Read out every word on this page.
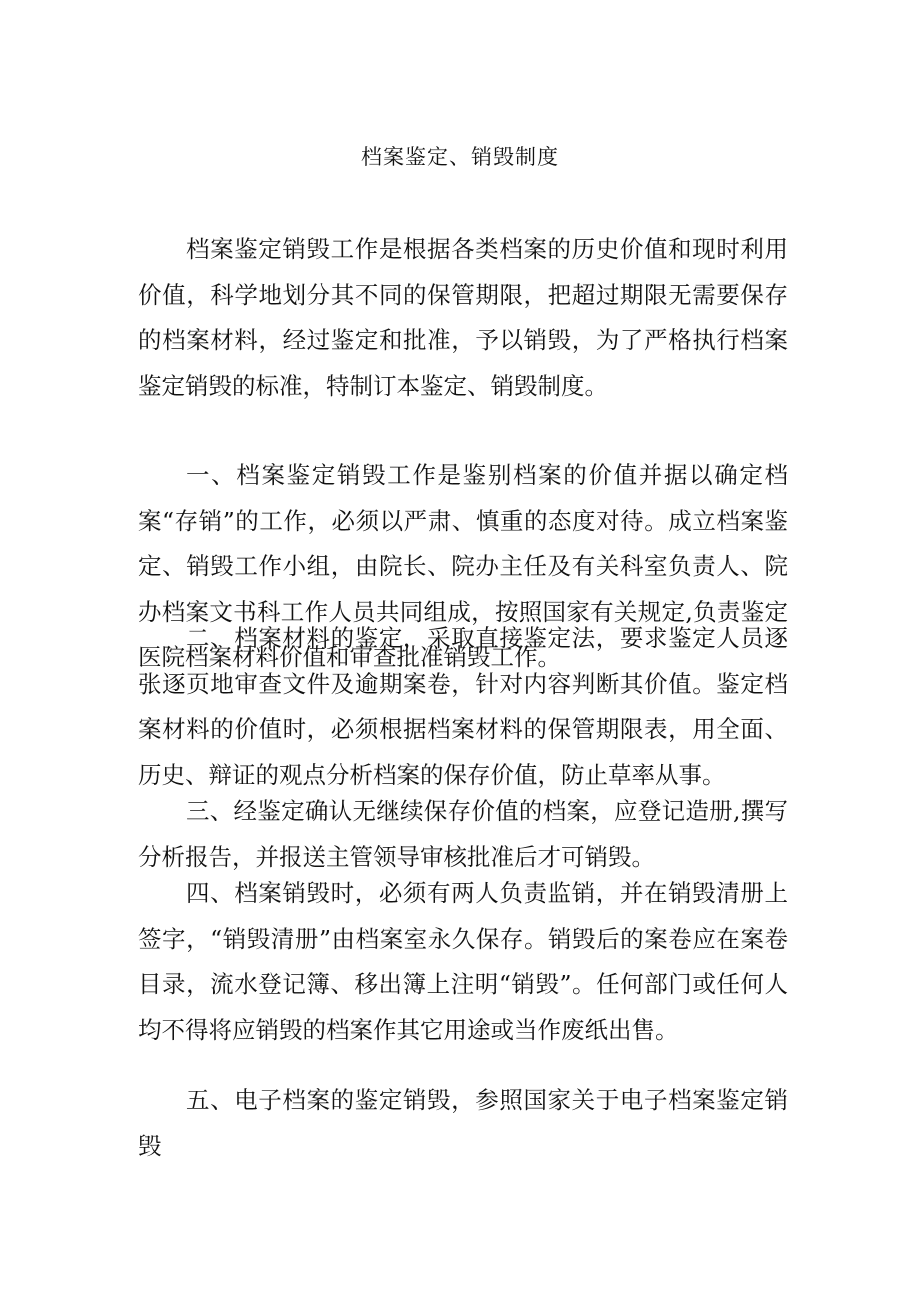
档案鉴定、销毁制度

档案鉴定销毁工作是根据各类档案的历史价值和现时利用价值，科学地划分其不同的保管期限，把超过期限无需要保存的档案材料，经过鉴定和批准，予以销毁，为了严格执行档案鉴定销毁的标准，特制订本鉴定、销毁制度。

一、档案鉴定销毁工作是鉴别档案的价值并据以确定档案“存销”的工作，必须以严肃、慎重的态度对待。成立档案鉴定、销毁工作小组，由院长、院办主任及有关科室负责人、院办档案文书科工作人员共同组成，按照国家有关规定,负责鉴定医院档案材料价值和审查批准销毁工作。

二、档案材料的鉴定，采取直接鉴定法，要求鉴定人员逐张逐页地审查文件及逾期案卷，针对内容判断其价值。鉴定档案材料的价值时，必须根据档案材料的保管期限表，用全面、历史、辩证的观点分析档案的保存价值，防止草率从事。

三、经鉴定确认无继续保存价值的档案，应登记造册,撰写分析报告，并报送主管领导审核批准后才可销毁。

四、档案销毁时，必须有两人负责监销，并在销毁清册上签字，“销毁清册”由档案室永久保存。销毁后的案卷应在案卷目录，流水登记簿、移出簿上注明“销毁”。任何部门或任何人均不得将应销毁的档案作其它用途或当作废纸出售。

五、电子档案的鉴定销毁，参照国家关于电子档案鉴定销毁
